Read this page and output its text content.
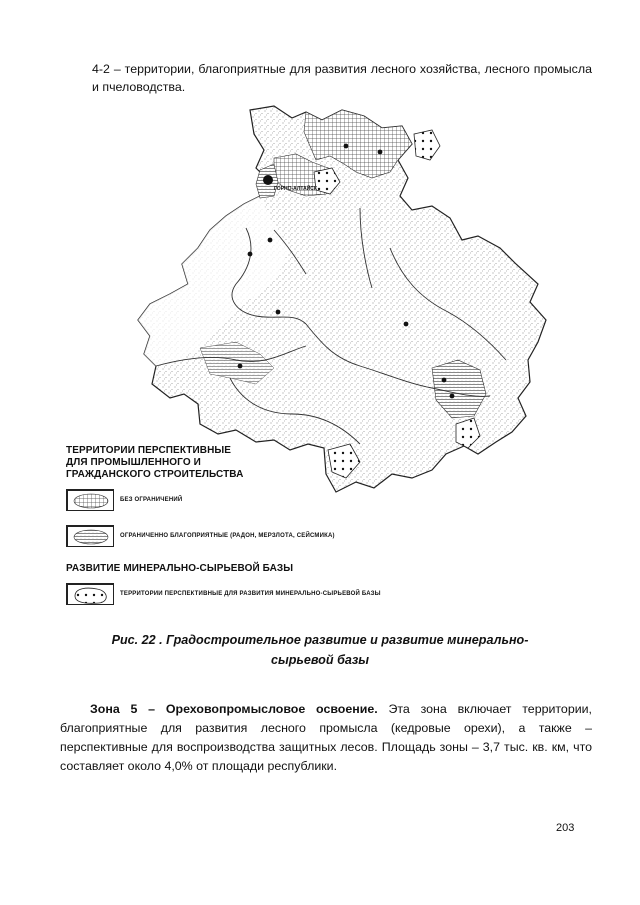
4-2 – территории, благоприятные для развития лесного хозяйства, лесного промысла и пчеловодства.

ГОРНО-АЛТАЙСК
ТЕРРИТОРИИ ПЕРСПЕКТИВНЫЕ
ДЛЯ ПРОМЫШЛЕННОГО И
ГРАЖДАНСКОГО СТРОИТЕЛЬСТВА
БЕЗ ОГРАНИЧЕНИЙ
ОГРАНИЧЕННО БЛАГОПРИЯТНЫЕ (РАДОН, МЕРЗЛОТА, СЕЙСМИКА)
РАЗВИТИЕ МИНЕРАЛЬНО-СЫРЬЕВОЙ БАЗЫ
ТЕРРИТОРИИ ПЕРСПЕКТИВНЫЕ ДЛЯ РАЗВИТИЯ МИНЕРАЛЬНО-СЫРЬЕВОЙ БАЗЫ
Рис. 22 . Градостроительное развитие и развитие минерально-
сырьевой базы

Зона 5 – Ореховопромысловое освоение. Эта зона включает территории, благоприятные для развития лесного промысла (кедровые орехи), а также – перспективные для воспроизводства защитных лесов. Площадь зоны – 3,7 тыс. кв. км, что составляет около 4,0% от площади республики.

203
